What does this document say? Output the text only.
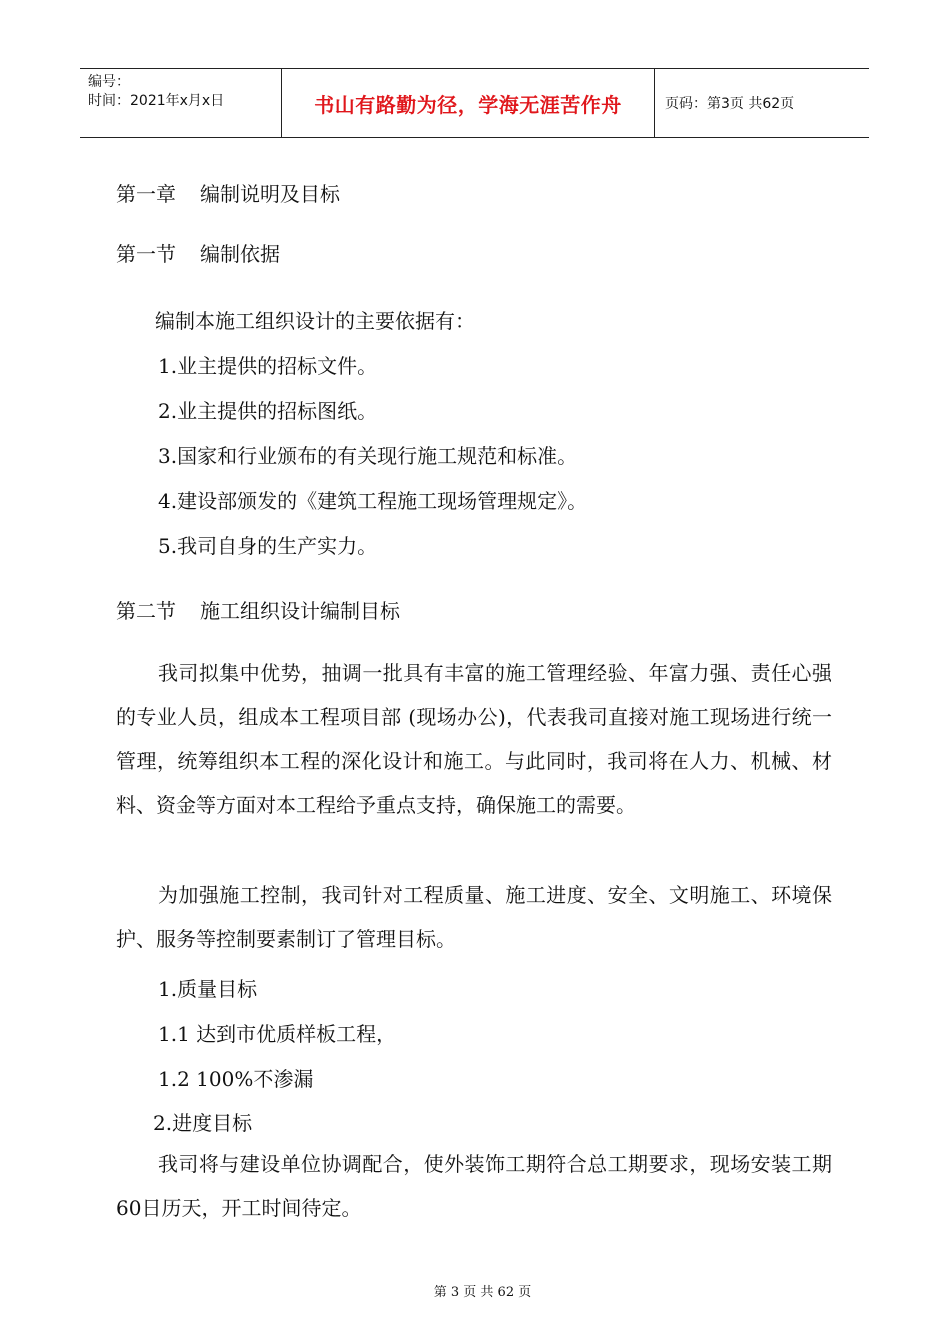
编号：
时间：2021年x月x日	书山有路勤为径，学海无涯苦作舟	页码：第3页 共62页
第一章 编制说明及目标
第一节 编制依据
编制本施工组织设计的主要依据有：
1.业主提供的招标文件。
2.业主提供的招标图纸。
3.国家和行业颁布的有关现行施工规范和标准。
4.建设部颁发的《建筑工程施工现场管理规定》。
5.我司自身的生产实力。
第二节 施工组织设计编制目标
我司拟集中优势，抽调一批具有丰富的施工管理经验、年富力强、责任心强的专业人员，组成本工程项目部 (现场办公)，代表我司直接对施工现场进行统一管理，统筹组织本工程的深化设计和施工。与此同时，我司将在人力、机械、材料、资金等方面对本工程给予重点支持，确保施工的需要。
为加强施工控制，我司针对工程质量、施工进度、安全、文明施工、环境保护、服务等控制要素制订了管理目标。
1.质量目标
1.1 达到市优质样板工程，
1.2 100%不渗漏
2.进度目标
我司将与建设单位协调配合，使外装饰工期符合总工期要求，现场安装工期60日历天，开工时间待定。
第 3 页 共 62 页
